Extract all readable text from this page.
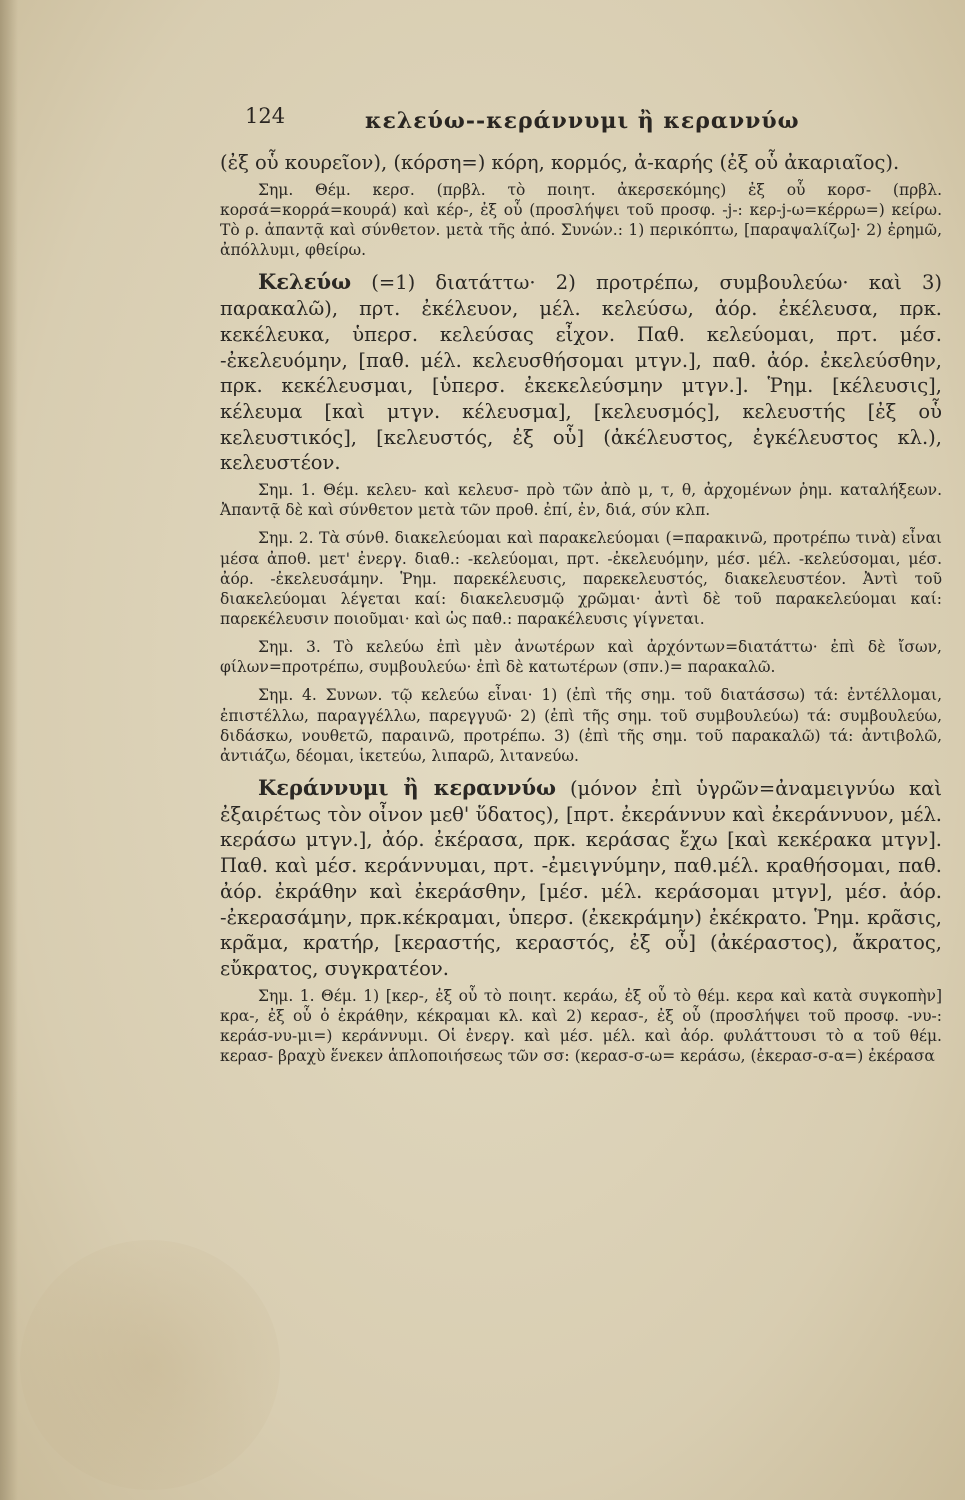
124	κελεύω--κεράννυμι ἢ κεραννύω

(ἐξ οὗ κουρεῖον), (κόρση=) κόρη, κορμός, ἀ-καρής (ἐξ οὗ ἀκαριαῖος).

Σημ. Θέμ. κερσ. (πρβλ. τὸ ποιητ. ἀκερσεκόμης) ἐξ οὗ κορσ- (πρβλ. κορσά=κορρά=κουρά) καὶ κέρ-, ἐξ οὗ (προσλήψει τοῦ προσφ. -j-: κερ-j-ω=κέρρω=) κείρω. Τὸ ρ. ἀπαντᾷ καὶ σύνθετον. μετὰ τῆς ἀπό. Συνών.: 1) περικόπτω, [παραψαλίζω]· 2) ἐρημῶ, ἀπόλλυμι, φθείρω.

Κελεύω (=1) διατάττω· 2) προτρέπω, συμβουλεύω· καὶ 3) παρακαλῶ), πρτ. ἐκέλευον, μέλ. κελεύσω, ἀόρ. ἐκέλευσα, πρκ. κεκέλευκα, ὑπερσ. κελεύσας εἶχον. Παθ. κελεύομαι, πρτ. μέσ. -ἐκελευόμην, [παθ. μέλ. κελευσθήσομαι μτγν.], παθ. ἀόρ. ἐκελεύσθην, πρκ. κεκέλευσμαι, [ὑπερσ. ἐκεκελεύσμην μτγν.]. Ῥημ. [κέλευσις], κέλευμα [καὶ μτγν. κέλευσμα], [κελευσμός], κελευστής [ἐξ οὗ κελευστικός], [κελευστός, ἐξ οὗ] (ἀκέλευστος, ἐγκέλευστος κλ.), κελευστέον.

Σημ. 1. Θέμ. κελευ- καὶ κελευσ- πρὸ τῶν ἀπὸ μ, τ, θ, ἀρχομένων ῥημ. καταλήξεων. Ἀπαντᾷ δὲ καὶ σύνθετον μετὰ τῶν προθ. ἐπί, ἐν, διά, σύν κλπ.

Σημ. 2. Τὰ σύνθ. διακελεύομαι καὶ παρακελεύομαι (=παρακινῶ, προτρέπω τινὰ) εἶναι μέσα ἀποθ. μετ' ἐνεργ. διαθ.: -κελεύομαι, πρτ. -ἐκελευόμην, μέσ. μέλ. -κελεύσομαι, μέσ. ἀόρ. -ἐκελευσάμην. Ῥημ. παρεκέλευσις, παρεκελευστός, διακελευστέον. Ἀντὶ τοῦ διακελεύομαι λέγεται καί: διακελευσμῷ χρῶμαι· ἀντὶ δὲ τοῦ παρακελεύομαι καί: παρεκέλευσιν ποιοῦμαι· καὶ ὡς παθ.: παρακέλευσις γίγνεται.

Σημ. 3. Τὸ κελεύω ἐπὶ μὲν ἀνωτέρων καὶ ἀρχόντων=διατάττω· ἐπὶ δὲ ἴσων, φίλων=προτρέπω, συμβουλεύω· ἐπὶ δὲ κατωτέρων (σπν.)= παρακαλῶ.

Σημ. 4. Συνων. τῷ κελεύω εἶναι· 1) (ἐπὶ τῆς σημ. τοῦ διατάσσω) τά: ἐντέλλομαι, ἐπιστέλλω, παραγγέλλω, παρεγγυῶ· 2) (ἐπὶ τῆς σημ. τοῦ συμβουλεύω) τά: συμβουλεύω, διδάσκω, νουθετῶ, παραινῶ, προτρέπω. 3) (ἐπὶ τῆς σημ. τοῦ παρακαλῶ) τά: ἀντιβολῶ, ἀντιάζω, δέομαι, ἱκετεύω, λιπαρῶ, λιτανεύω.

Κεράννυμι ἢ κεραννύω (μόνον ἐπὶ ὑγρῶν=ἀναμειγνύω καὶ ἐξαιρέτως τὸν οἶνον μεθ' ὕδατος), [πρτ. ἐκεράννυν καὶ ἐκεράννυον, μέλ. κεράσω μτγν.], ἀόρ. ἐκέρασα, πρκ. κεράσας ἔχω [καὶ κεκέρακα μτγν]. Παθ. καὶ μέσ. κεράννυμαι, πρτ. -ἐμειγνύμην, παθ.μέλ. κραθήσομαι, παθ. ἀόρ. ἐκράθην καὶ ἐκεράσθην, [μέσ. μέλ. κεράσομαι μτγν], μέσ. ἀόρ. -ἐκερασάμην, πρκ.κέκραμαι, ὑπερσ. (ἐκεκράμην) ἐκέκρατο. Ῥημ. κρᾶσις, κρᾶμα, κρατήρ, [κεραστής, κεραστός, ἐξ οὗ] (ἀκέραστος), ἄκρατος, εὔκρατος, συγκρατέον.

Σημ. 1. Θέμ. 1) [κερ-, ἐξ οὗ τὸ ποιητ. κεράω, ἐξ οὗ τὸ θέμ. κερα καὶ κατὰ συγκοπὴν] κρα-, ἐξ οὗ ὁ ἐκράθην, κέκραμαι κλ. καὶ 2) κερασ-, ἐξ οὗ (προσλήψει τοῦ προσφ. -νυ-: κεράσ-νυ-μι=) κεράννυμι. Οἱ ἐνεργ. καὶ μέσ. μέλ. καὶ ἀόρ. φυλάττουσι τὸ α τοῦ θέμ. κερασ- βραχὺ ἕνεκεν ἁπλοποιήσεως τῶν σσ: (κερασ-σ-ω= κεράσω, (ἐκερασ-σ-α=) ἐκέρασα
